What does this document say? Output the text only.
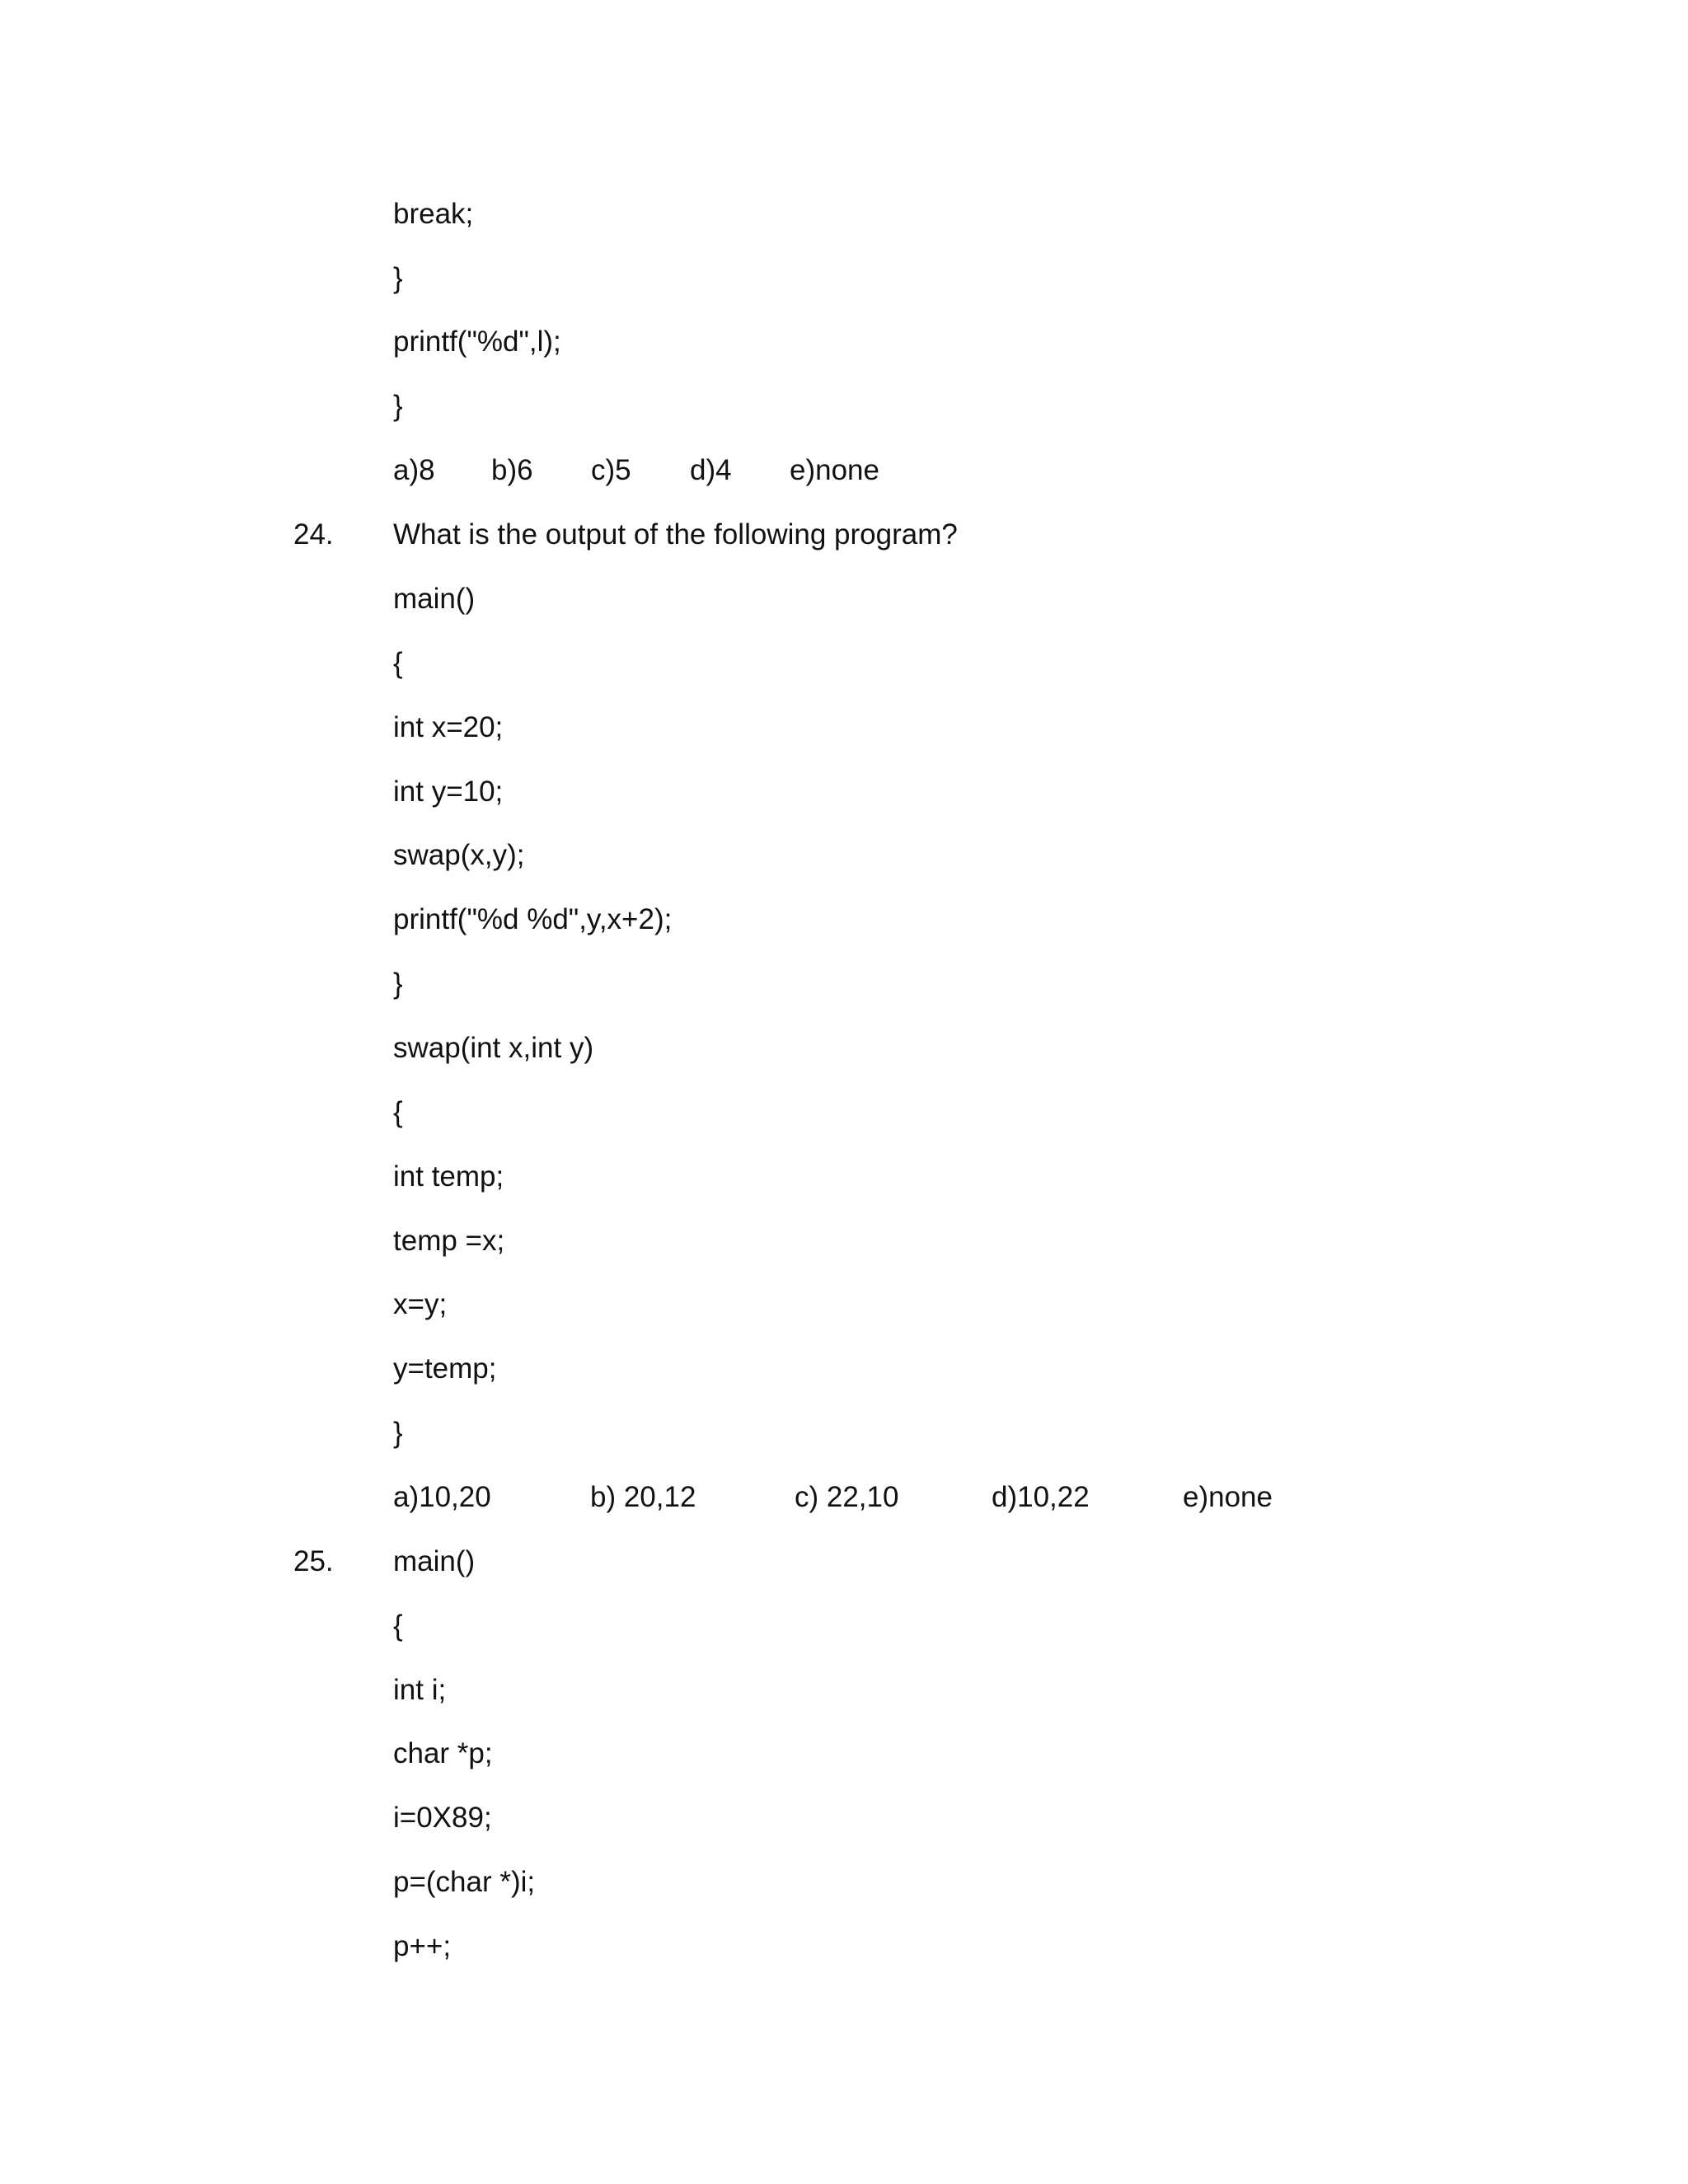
break;
}
printf("%d",l);
}
a)8 b)6 c)5 d)4 e)none
24. What is the output of the following program?
main()
{
int x=20;
int y=10;
swap(x,y);
printf("%d %d",y,x+2);
}
swap(int x,int y)
{
int temp;
temp =x;
x=y;
y=temp;
}
a)10,20	b) 20,12	c) 22,10	d)10,22	e)none
25. main()
{
int i;
char *p;
i=0X89;
p=(char *)i;
p++;
